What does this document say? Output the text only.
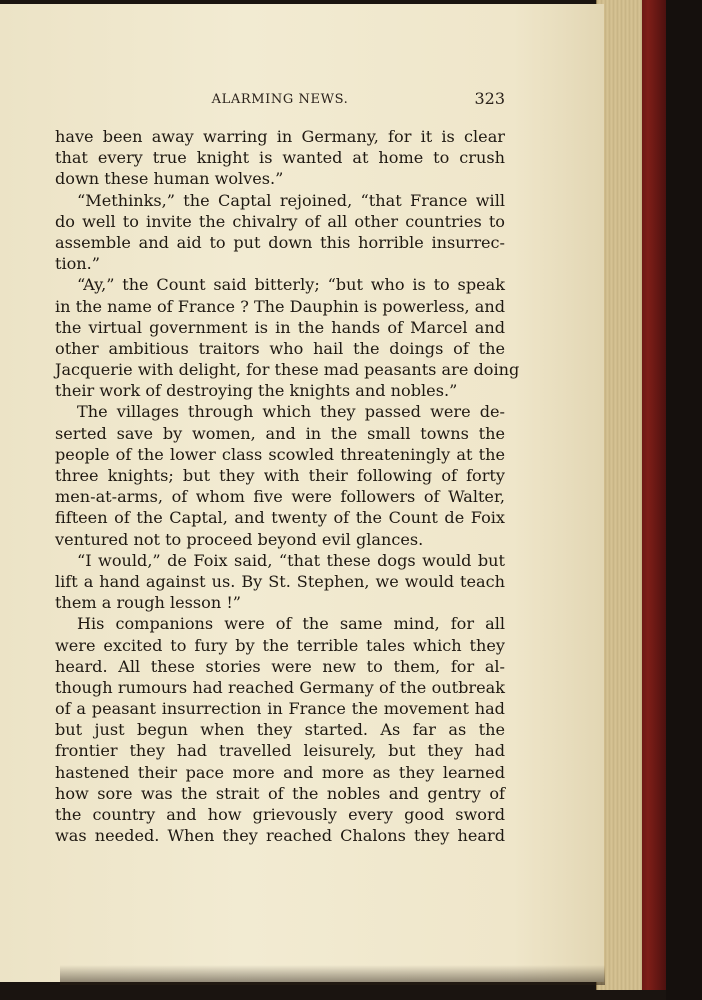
ALARMING NEWS.	323
have been away warring in Germany, for it is clear
that every true knight is wanted at home to crush
down these human wolves.”
“Methinks,” the Captal rejoined, “that France will
do well to invite the chivalry of all other countries to
assemble and aid to put down this horrible insurrec-
tion.”
“Ay,” the Count said bitterly; “but who is to speak
in the name of France ? The Dauphin is powerless, and
the virtual government is in the hands of Marcel and
other ambitious traitors who hail the doings of the
Jacquerie with delight, for these mad peasants are doing
their work of destroying the knights and nobles.”
The villages through which they passed were de-
serted save by women, and in the small towns the
people of the lower class scowled threateningly at the
three knights; but they with their following of forty
men-at-arms, of whom five were followers of Walter,
fifteen of the Captal, and twenty of the Count de Foix
ventured not to proceed beyond evil glances.
“I would,” de Foix said, “that these dogs would but
lift a hand against us. By St. Stephen, we would teach
them a rough lesson !”
His companions were of the same mind, for all
were excited to fury by the terrible tales which they
heard. All these stories were new to them, for al-
though rumours had reached Germany of the outbreak
of a peasant insurrection in France the movement had
but just begun when they started. As far as the
frontier they had travelled leisurely, but they had
hastened their pace more and more as they learned
how sore was the strait of the nobles and gentry of
the country and how grievously every good sword
was needed. When they reached Chalons they heard
